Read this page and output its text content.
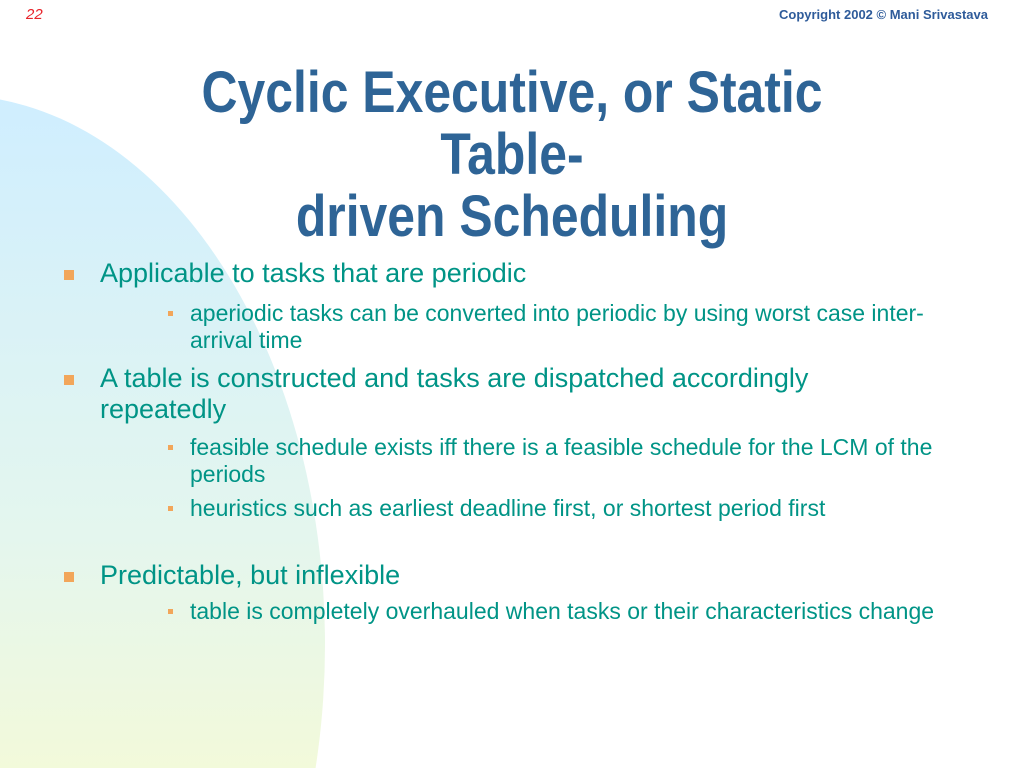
22	Copyright 2002 © Mani Srivastava
Cyclic Executive, or Static Table-
driven Scheduling
Applicable to tasks that are periodic
aperiodic tasks can be converted into periodic by using worst case inter-arrival time
A table is constructed and tasks are dispatched accordingly repeatedly
feasible schedule exists iff there is a feasible schedule for the LCM of the periods
heuristics such as earliest deadline first, or shortest period first
Predictable, but inflexible
table is completely overhauled when tasks or their characteristics change
